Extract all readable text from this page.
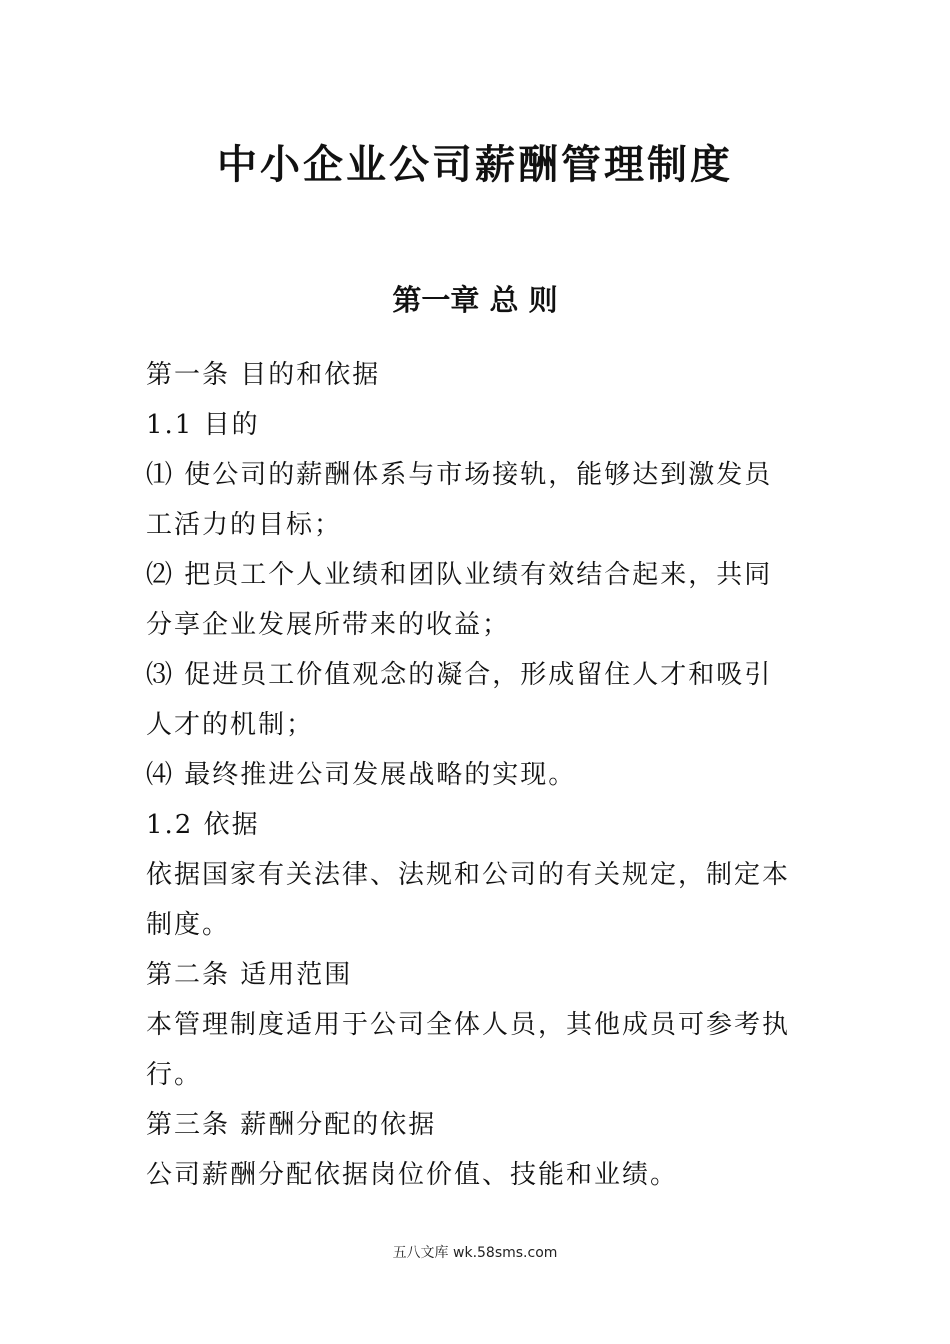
中小企业公司薪酬管理制度
第一章 总 则

第一条 目的和依据

1.1 目的

⑴ 使公司的薪酬体系与市场接轨，能够达到激发员

工活力的目标；

⑵ 把员工个人业绩和团队业绩有效结合起来，共同

分享企业发展所带来的收益；

⑶ 促进员工价值观念的凝合，形成留住人才和吸引

人才的机制；

⑷ 最终推进公司发展战略的实现。

1.2 依据

依据国家有关法律、法规和公司的有关规定，制定本

制度。

第二条 适用范围

本管理制度适用于公司全体人员，其他成员可参考执

行。

第三条 薪酬分配的依据

公司薪酬分配依据岗位价值、技能和业绩。

五八文库 wk.58sms.com
